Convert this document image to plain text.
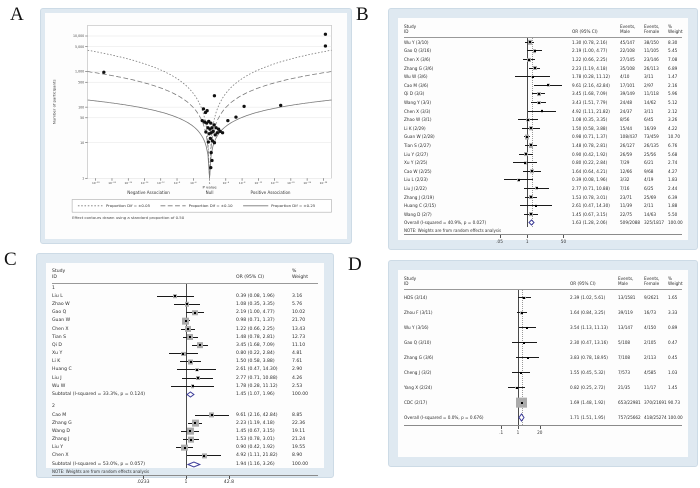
A	B
C	D
1
10
50
100
500
1,000
5,000
10,000
10⁻²⁸	10⁻²⁴	10⁻²⁰	10⁻¹⁶	10⁻¹²	10⁻⁸	10⁻⁴	1	10⁻⁴	10⁻⁸	10⁻¹²	10⁻¹⁶	10⁻²⁰	10⁻²⁴	10⁻²⁸
P value
Negative Association	Null	Positive Association
Number of participants
Proportion Dif = ±0.05	Proportion Dif = ±0.10	Proportion Dif = ±0.25
Effect contours drawn using a standard proportion of 0.50
Study
ID	OR (95% CI)
Events,
Male
Events,
Female
%
Weight
Wu Y (3/10)	1.30 (0.78, 2.16)	45/147	38/150	8.30
Gao Q (3/16)	2.19 (1.00, 4.77)	22/108	11/105	5.45
Chen X (3/6)	1.22 (0.66, 2.25)	27/145	23/146	7.08
Zhang G (3/6)	2.23 (1.19, 4.18)	35/108	26/113	6.89
Wu W (3/6)	1.78 (0.28, 11.12)	4/10	3/11	1.47
Cao M (3/6)	9.61 (2.16, 42.84)	17/101	2/97	2.16
Qi D (3/3)	3.45 (1.68, 7.09)	39/149	11/118	5.96
Wang Y (3/3)	3.43 (1.51, 7.79)	24/48	14/62	5.12
Chen X (3/3)	4.92 (1.11, 21.82)	24/37	3/11	2.12
Zhao W (3/1)	1.08 (0.35, 3.35)	8/56	6/45	3.26
Li K (2/29)	1.50 (0.58, 3.88)	15/44	16/39	4.22
Guan W (2/28)	0.98 (0.71, 1.37)	108/437	73/459	10.70
Tian S (2/27)	1.48 (0.78, 2.81)	26/127	26/135	6.76
Liu Y (2/27)	0.90 (0.42, 1.92)	26/59	25/56	5.68
Xu Y (2/25)	0.80 (0.22, 2.84)	7/29	6/21	2.74
Cao W (2/25)	1.64 (0.64, 4.21)	12/66	9/68	4.27
Liu L (2/23)	0.39 (0.08, 1.96)	3/32	4/19	1.83
Liu J (2/22)	2.77 (0.71, 10.88)	7/16	6/25	2.44
Zhang J (2/19)	1.53 (0.78, 3.01)	23/71	25/69	6.39
Huang C (2/15)	2.61 (0.47, 14.30)	11/39	2/11	1.88
Wang D (2/7)	1.45 (0.67, 3.15)	22/75	14/63	5.50
Overall (I-squared = 40.9%, p = 0.027)	1.63 (1.28, 2.06)	509/2088 325/1817 100.00
NOTE: Weights are from random effects analysis
.05	1	50
Study
ID	OR (95% CI)
%
Weight
1
Liu L	0.39 (0.08, 1.96)	3.16
Zhao W	1.08 (0.35, 3.35)	5.76
Gao Q	2.19 (1.00, 4.77)	10.02
Guan W	0.98 (0.71, 1.37)	21.70
Chen X	1.22 (0.66, 2.25)	13.43
Tian S	1.48 (0.78, 2.81)	12.73
Qi D	3.45 (1.68, 7.09)	11.10
Xu Y	0.80 (0.22, 2.84)	4.81
Li K	1.50 (0.58, 3.88)	7.61
Huang C	2.61 (0.47, 14.30)	2.90
Liu J	2.77 (0.71, 10.88)	4.26
Wu W	1.78 (0.28, 11.12)	2.53
Subtotal (I-squared = 33.3%, p = 0.124)	1.45 (1.07, 1.96)	100.00
2
Cao M	9.61 (2.16, 42.84)	8.85
Zhang G	2.23 (1.19, 4.18)	22.36
Wang D	1.45 (0.67, 3.15)	19.11
Zhang J	1.53 (0.78, 3.01)	21.24
Liu Y	0.90 (0.42, 1.92)	19.55
Chen X	4.92 (1.11, 21.82)	8.90
Subtotal (I-squared = 53.0%, p = 0.057)	1.94 (1.16, 3.26)	100.00
NOTE: Weights are from random effects analysis
.0233	1	42.8
Study
ID	OR (95% CI)
Events,
Male
Events,
Female
%
Weight
HDS (3/14)	2.39 (1.02, 5.61)	13/1581	9/2621	1.65
Zhou F (3/11)	1.64 (0.84, 3.25)	39/119	16/73	3.33
Wu Y (3/16)	3.54 (1.13, 11.13)	13/147	4/150	0.89
Gao Q (3/10)	2.30 (0.47, 13.16)	5/108	2/105	0.47
Zhang G (3/6)	3.83 (0.78, 18.95)	7/108	2/113	0.45
Cheng J (3/2)	1.55 (0.45, 5.32)	7/573	4/585	1.03
Yang X (2/24)	0.82 (0.25, 2.72)	21/35	11/17	1.45
CDC (2/17)	1.69 (1.48, 1.92)	653/22981 370/21691 90.73
Overall (I-squared = 0.0%, p = 0.676)	1.71 (1.51, 1.95)	757/25662 418/25274 100.00
.1	1	20
